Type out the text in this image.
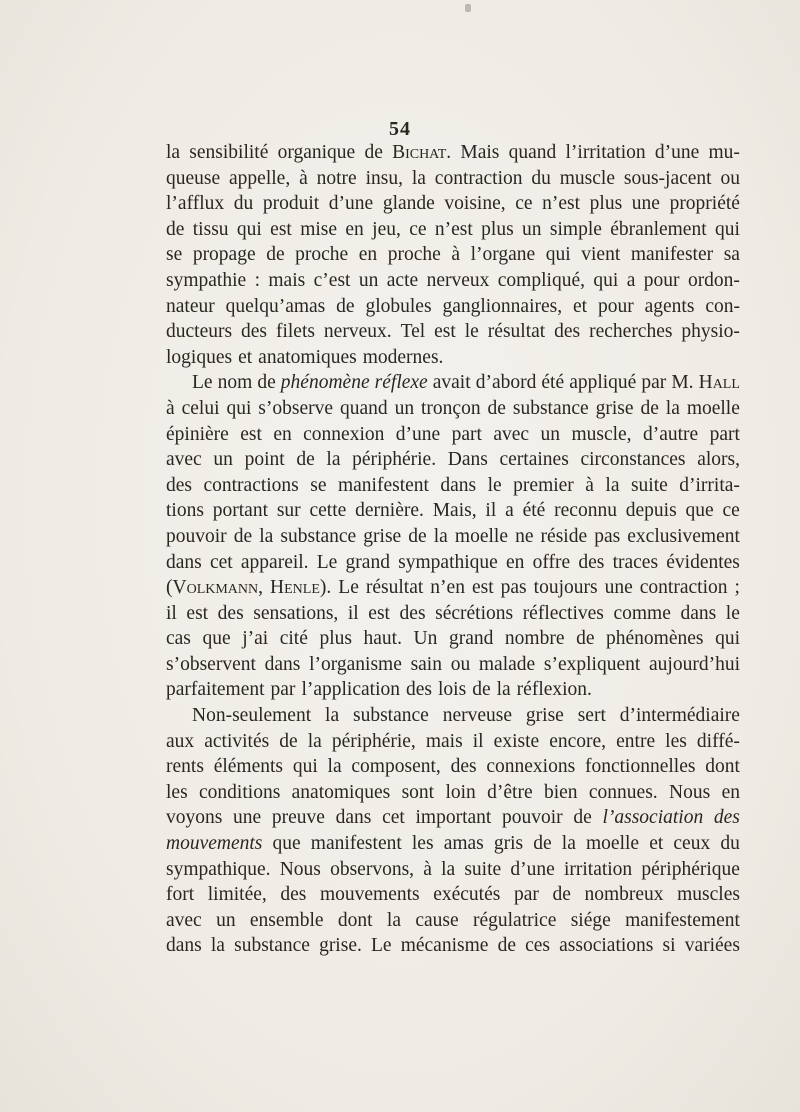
54
la sensibilité organique de Bichat. Mais quand l’irritation d’une mu-
queuse appelle, à notre insu, la contraction du muscle sous-jacent ou
l’afflux du produit d’une glande voisine, ce n’est plus une propriété
de tissu qui est mise en jeu, ce n’est plus un simple ébranlement qui
se propage de proche en proche à l’organe qui vient manifester sa
sympathie : mais c’est un acte nerveux compliqué, qui a pour ordon-
nateur quelqu’amas de globules ganglionnaires, et pour agents con-
ducteurs des filets nerveux. Tel est le résultat des recherches physio-
logiques et anatomiques modernes.
Le nom de phénomène réflexe avait d’abord été appliqué par M. Hall
à celui qui s’observe quand un tronçon de substance grise de la moelle
épinière est en connexion d’une part avec un muscle, d’autre part
avec un point de la périphérie. Dans certaines circonstances alors,
des contractions se manifestent dans le premier à la suite d’irrita-
tions portant sur cette dernière. Mais, il a été reconnu depuis que ce
pouvoir de la substance grise de la moelle ne réside pas exclusivement
dans cet appareil. Le grand sympathique en offre des traces évidentes
(Volkmann, Henle). Le résultat n’en est pas toujours une contraction ;
il est des sensations, il est des sécrétions réflectives comme dans le
cas que j’ai cité plus haut. Un grand nombre de phénomènes qui
s’observent dans l’organisme sain ou malade s’expliquent aujourd’hui
parfaitement par l’application des lois de la réflexion.
Non-seulement la substance nerveuse grise sert d’intermédiaire
aux activités de la périphérie, mais il existe encore, entre les diffé-
rents éléments qui la composent, des connexions fonctionnelles dont
les conditions anatomiques sont loin d’être bien connues. Nous en
voyons une preuve dans cet important pouvoir de l’association des
mouvements que manifestent les amas gris de la moelle et ceux du
sympathique. Nous observons, à la suite d’une irritation périphérique
fort limitée, des mouvements exécutés par de nombreux muscles
avec un ensemble dont la cause régulatrice siége manifestement
dans la substance grise. Le mécanisme de ces associations si variées
